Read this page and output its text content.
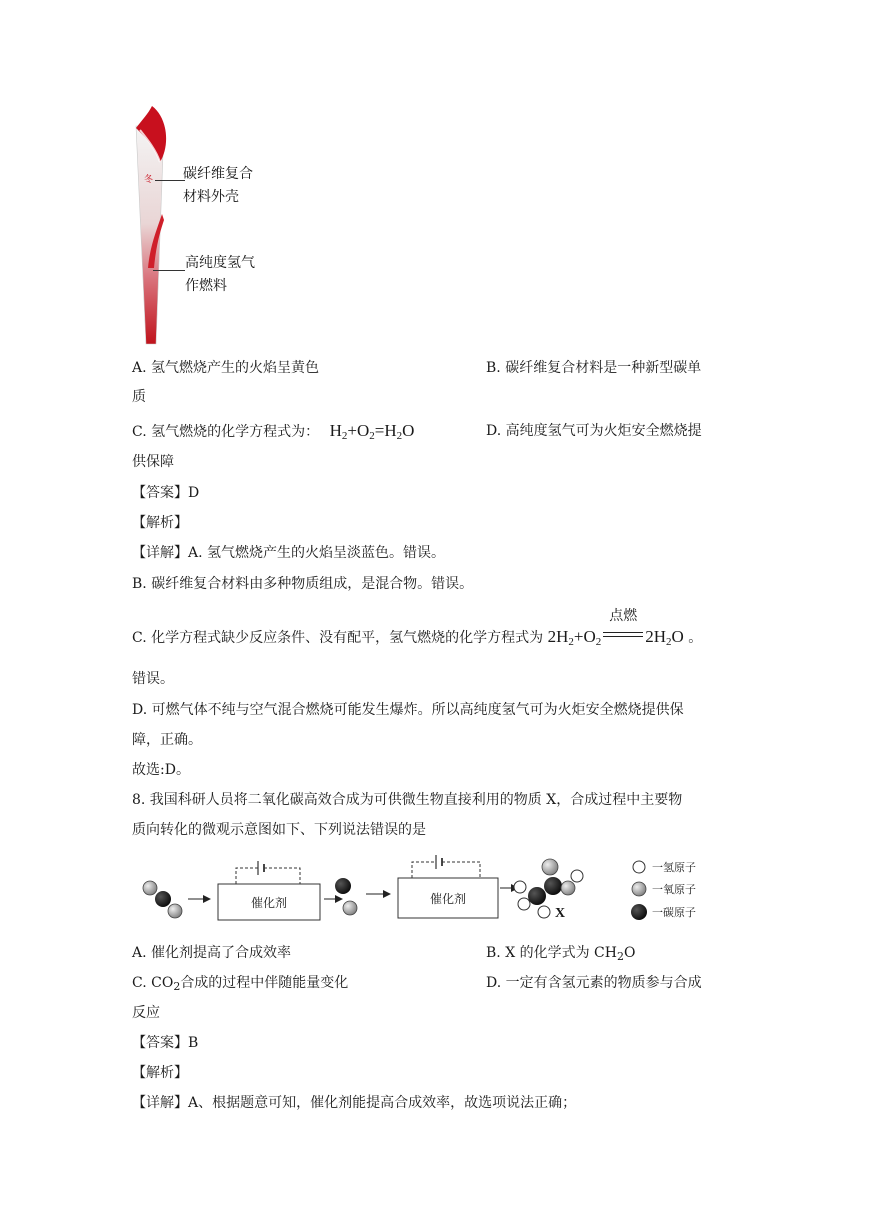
冬 碳纤维复合
材料外壳
高纯度氢气
作燃料
A. 氢气燃烧产生的火焰呈黄色	B. 碳纤维复合材料是一种新型碳单
质
C. 氢气燃烧的化学方程式为： $H_2+O_2=H_2O$	D. 高纯度氢气可为火炬安全燃烧提
供保障
【答案】D
【解析】
【详解】A. 氢气燃烧产生的火焰呈淡蓝色。错误。
B. 碳纤维复合材料由多种物质组成，是混合物。错误。
C. 化学方程式缺少反应条件、没有配平，氢气燃烧的化学方程式为 $2H_2+O_2$
点燃
$2H_2O$ 。
错误。
D. 可燃气体不纯与空气混合燃烧可能发生爆炸。所以高纯度氢气可为火炬安全燃烧提供保
障，正确。
故选:D。
8. 我国科研人员将二氧化碳高效合成为可供微生物直接利用的物质 X，合成过程中主要物
质向转化的微观示意图如下、下列说法错误的是
催化剂	催化剂
X
一氢原子
一氧原子
一碳原子
A. 催化剂提高了合成效率	B. X 的化学式为 $CH_2O$
C. $CO_2$合成的过程中伴随能量变化	D. 一定有含氢元素的物质参与合成
反应
【答案】B
【解析】
【详解】A、根据题意可知，催化剂能提高合成效率，故选项说法正确；
